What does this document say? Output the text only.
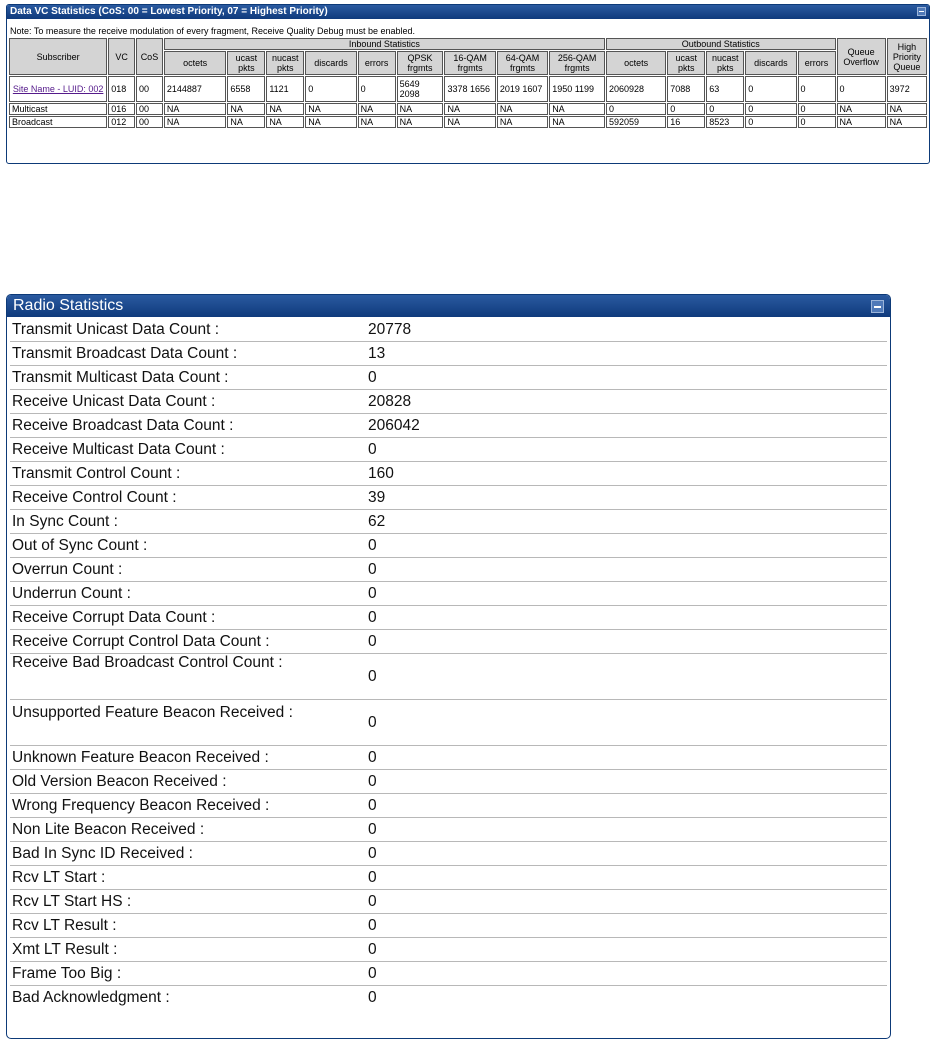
Data VC Statistics (CoS: 00 = Lowest Priority, 07 = Highest Priority)
Note: To measure the receive modulation of every fragment, Receive Quality Debug must be enabled.
Subscriber	VC	CoS	Inbound Statistics									Outbound Statistics					Queue Overflow	High Priority Queue
			octets	ucast pkts	nucast pkts	discards	errors	QPSK frgmts	16-QAM frgmts	64-QAM frgmts	256-QAM frgmts	octets	ucast pkts	nucast pkts	discards	errors		
Site Name - LUID: 002	018	00	2144887	6558	1121	0	0	5649 2098	3378 1656	2019 1607	1950 1199	2060928	7088	63	0	0	0	3972
Multicast	016	00	NA	NA	NA	NA	NA	NA	NA	NA	NA	0	0	0	0	0	NA	NA
Broadcast	012	00	NA	NA	NA	NA	NA	NA	NA	NA	NA	592059	16	8523	0	0	NA	NA
Radio Statistics
Transmit Unicast Data Count :	20778
Transmit Broadcast Data Count :	13
Transmit Multicast Data Count :	0
Receive Unicast Data Count :	20828
Receive Broadcast Data Count :	206042
Receive Multicast Data Count :	0
Transmit Control Count :	160
Receive Control Count :	39
In Sync Count :	62
Out of Sync Count :	0
Overrun Count :	0
Underrun Count :	0
Receive Corrupt Data Count :	0
Receive Corrupt Control Data Count :	0
Receive Bad Broadcast Control Count :
0
Unsupported Feature Beacon Received :
0
Unknown Feature Beacon Received :	0
Old Version Beacon Received :	0
Wrong Frequency Beacon Received :	0
Non Lite Beacon Received :	0
Bad In Sync ID Received :	0
Rcv LT Start :	0
Rcv LT Start HS :	0
Rcv LT Result :	0
Xmt LT Result :	0
Frame Too Big :	0
Bad Acknowledgment :	0
